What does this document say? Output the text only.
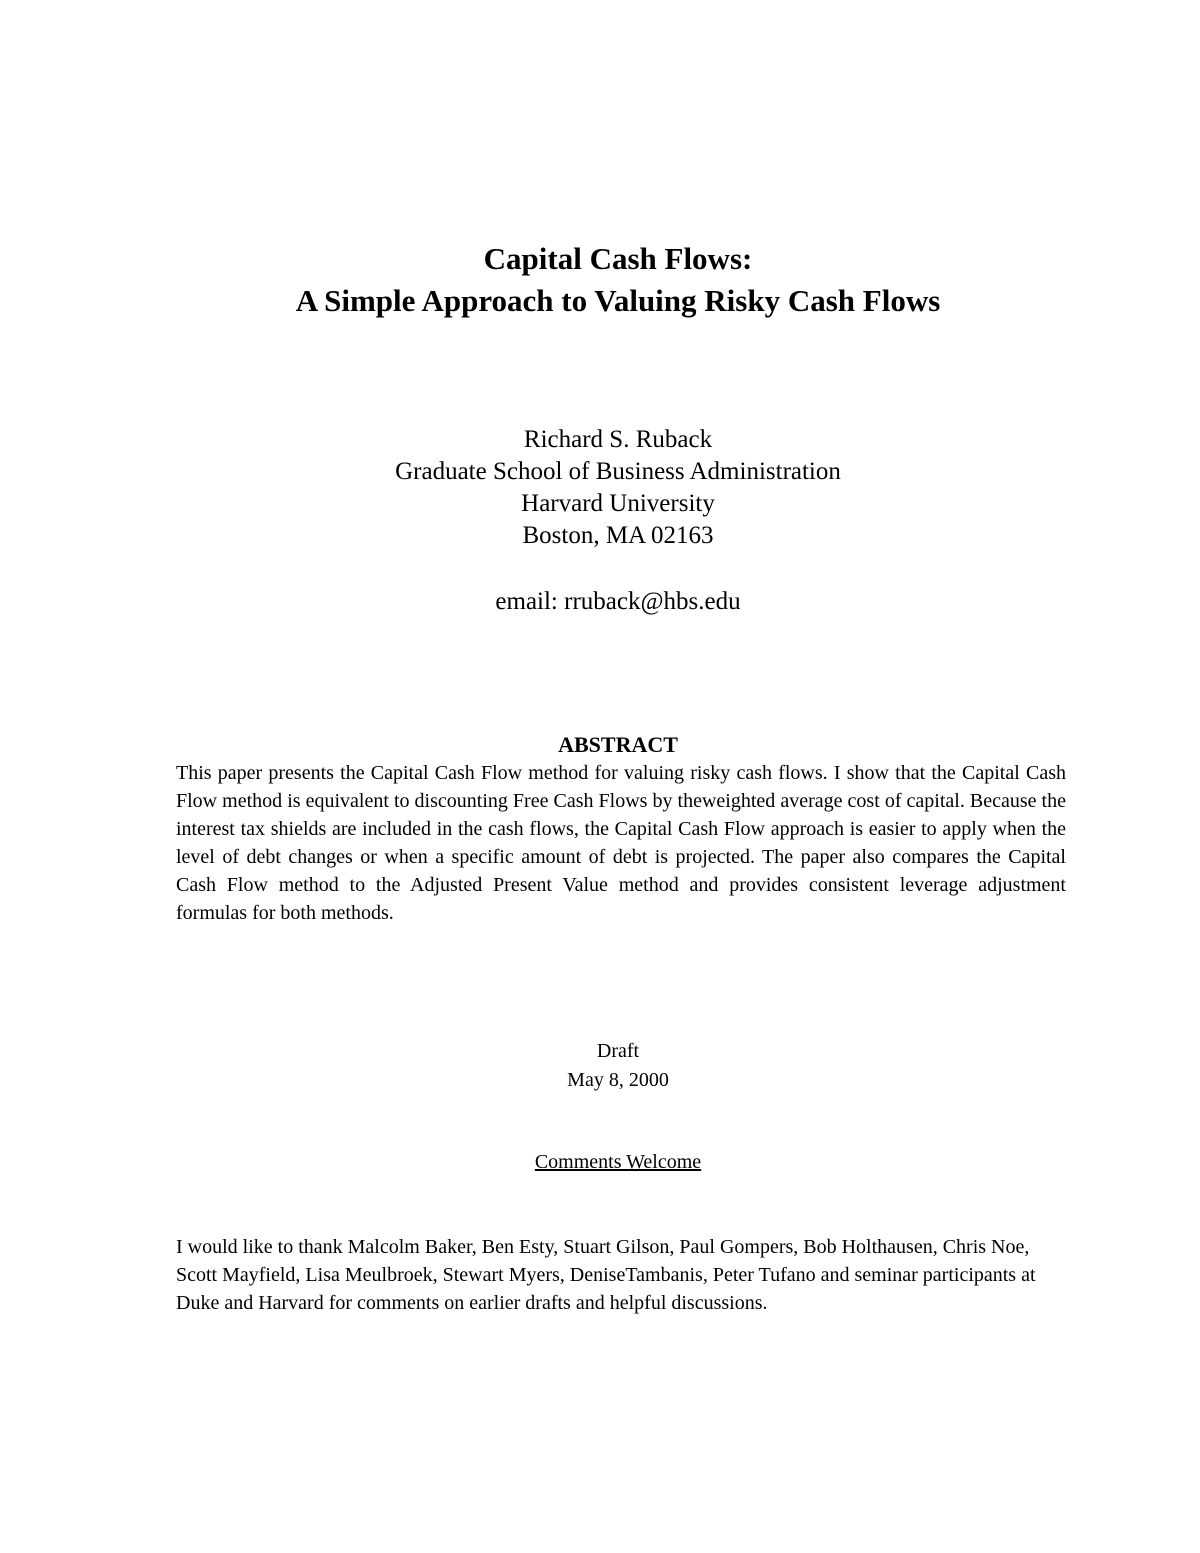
Capital Cash Flows:

A Simple Approach to Valuing Risky Cash Flows

Richard S. Ruback
Graduate School of Business Administration
Harvard University
Boston, MA 02163
email: rruback@hbs.edu
ABSTRACT
This paper presents the Capital Cash Flow method for valuing risky cash flows. I show that the Capital Cash Flow method is equivalent to discounting Free Cash Flows by theweighted average cost of capital. Because the interest tax shields are included in the cash flows, the Capital Cash Flow approach is easier to apply when the level of debt changes or when a specific amount of debt is projected. The paper also compares the Capital Cash Flow method to the Adjusted Present Value method and provides consistent leverage adjustment formulas for both methods.
Draft
May 8, 2000
Comments Welcome
I would like to thank Malcolm Baker, Ben Esty, Stuart Gilson, Paul Gompers, Bob Holthausen, Chris Noe, Scott Mayfield, Lisa Meulbroek, Stewart Myers, DeniseTambanis, Peter Tufano and seminar participants at Duke and Harvard for comments on earlier drafts and helpful discussions.
